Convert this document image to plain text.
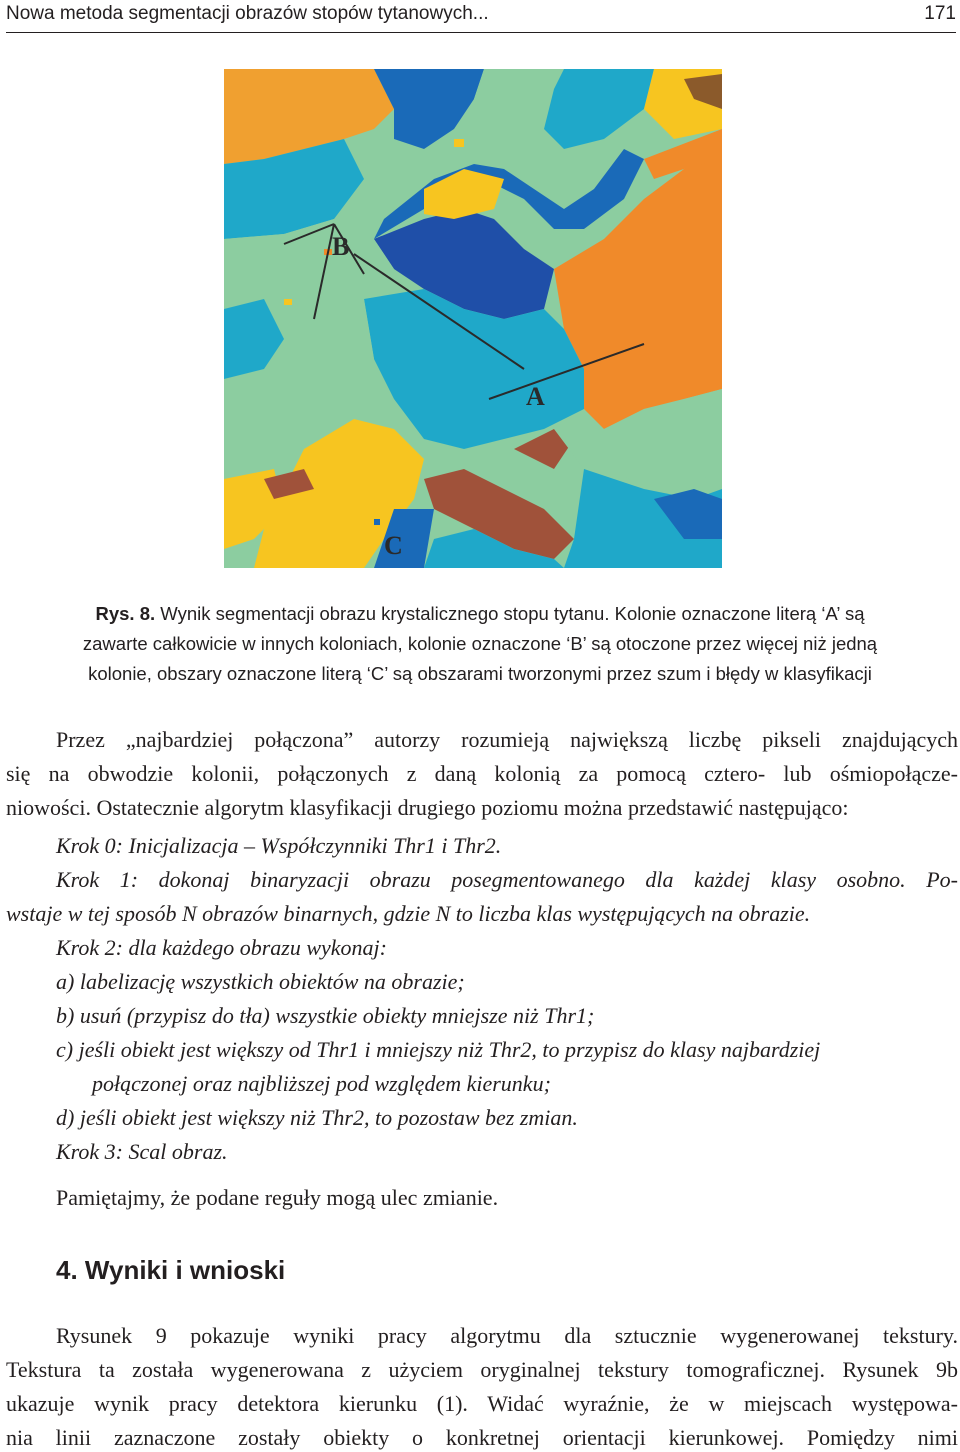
Nowa metoda segmentacji obrazów stopów tytanowych...	171
B
A
C
Rys. 8. Wynik segmentacji obrazu krystalicznego stopu tytanu. Kolonie oznaczone literą ‘A’ są
zawarte całkowicie w innych koloniach, kolonie oznaczone ‘B’ są otoczone przez więcej niż jedną
kolonie, obszary oznaczone literą ‘C’ są obszarami tworzonymi przez szum i błędy w klasyfikacji
Przez „najbardziej połączona” autorzy rozumieją największą liczbę pikseli znajdujących
się na obwodzie kolonii, połączonych z daną kolonią za pomocą cztero- lub ośmiopołącze-
niowości. Ostatecznie algorytm klasyfikacji drugiego poziomu można przedstawić następująco:
Krok 0: Inicjalizacja – Współczynniki Thr1 i Thr2.
Krok 1: dokonaj binaryzacji obrazu posegmentowanego dla każdej klasy osobno. Po-
wstaje w tej sposób N obrazów binarnych, gdzie N to liczba klas występujących na obrazie.
Krok 2: dla każdego obrazu wykonaj:
a) labelizację wszystkich obiektów na obrazie;
b) usuń (przypisz do tła) wszystkie obiekty mniejsze niż Thr1;
c) jeśli obiekt jest większy od Thr1 i mniejszy niż Thr2, to przypisz do klasy najbardziej
połączonej oraz najbliższej pod względem kierunku;
d) jeśli obiekt jest większy niż Thr2, to pozostaw bez zmian.
Krok 3: Scal obraz.
Pamiętajmy, że podane reguły mogą ulec zmianie.
4. Wyniki i wnioski
Rysunek 9 pokazuje wyniki pracy algorytmu dla sztucznie wygenerowanej tekstury.
Tekstura ta została wygenerowana z użyciem oryginalnej tekstury tomograficznej. Rysunek 9b
ukazuje wynik pracy detektora kierunku (1). Widać wyraźnie, że w miejscach występowa-
nia linii zaznaczone zostały obiekty o konkretnej orientacji kierunkowej. Pomiędzy nimi
